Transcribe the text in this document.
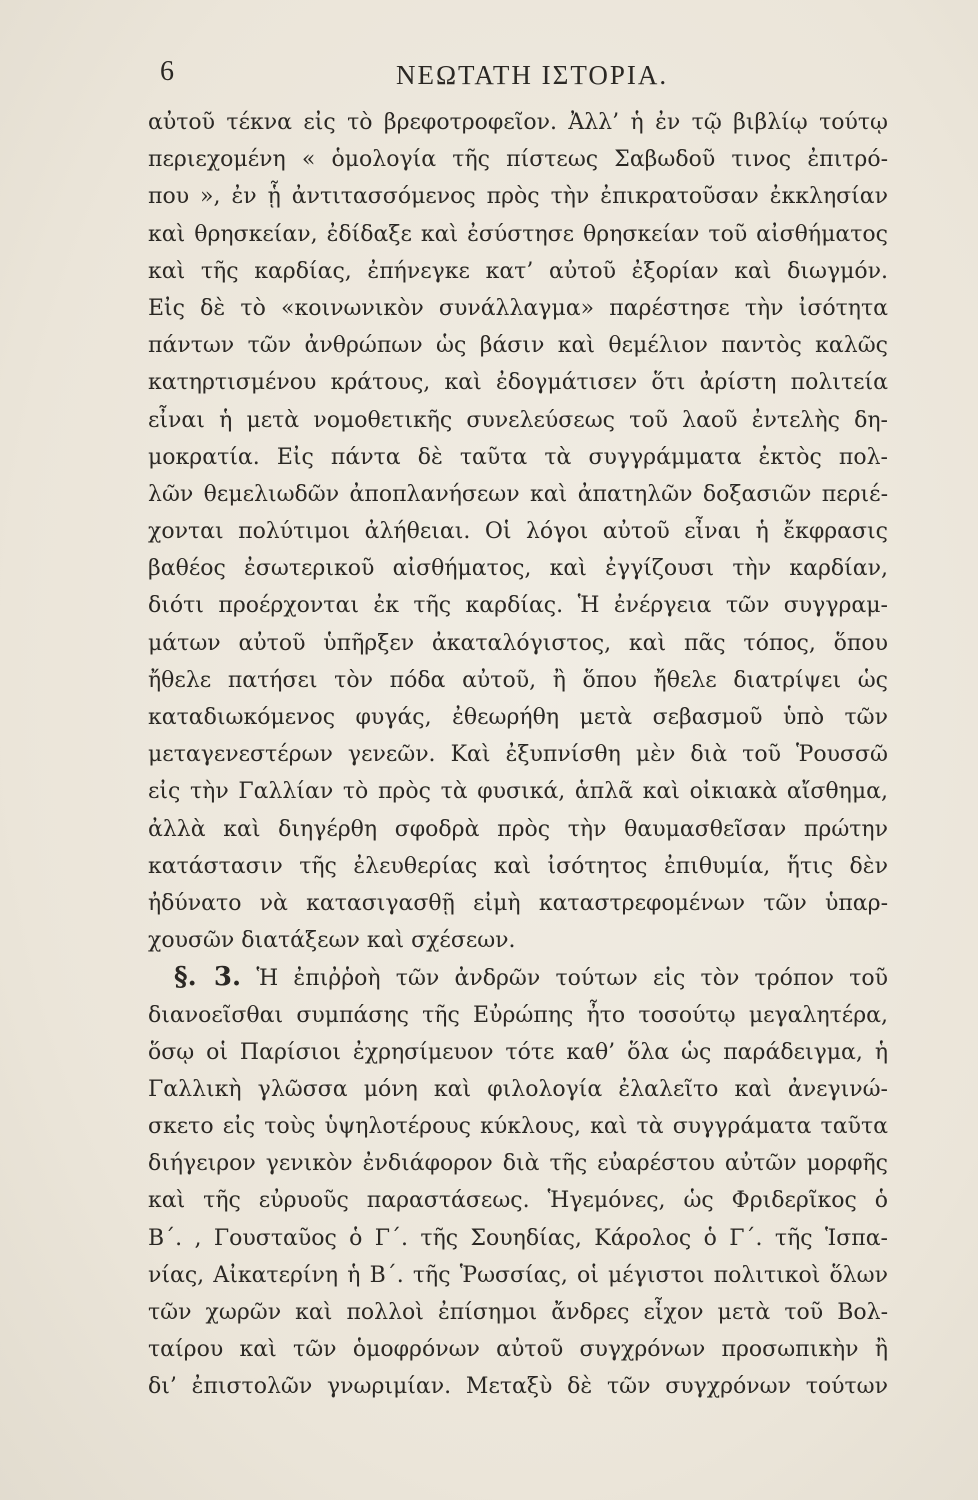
6	ΝΕΩΤΑΤΗ ΙΣΤΟΡΙΑ.
αὐτοῦ τέκνα εἰς τὸ βρεφοτροφεῖον. Ἀλλ’ ἡ ἐν τῷ βιβλίῳ τούτῳ
περιεχομένη « ὁμολογία τῆς πίστεως Σαβωδοῦ τινος ἐπιτρό-
που », ἐν ᾗ ἀντιτασσόμενος πρὸς τὴν ἐπικρατοῦσαν ἐκκλησίαν
καὶ θρησκείαν, ἐδίδαξε καὶ ἐσύστησε θρησκείαν τοῦ αἰσθήματος
καὶ τῆς καρδίας, ἐπήνεγκε κατ’ αὐτοῦ ἐξορίαν καὶ διωγμόν.
Εἰς δὲ τὸ «κοινωνικὸν συνάλλαγμα» παρέστησε τὴν ἰσότητα
πάντων τῶν ἀνθρώπων ὡς βάσιν καὶ θεμέλιον παντὸς καλῶς
κατηρτισμένου κράτους, καὶ ἐδογμάτισεν ὅτι ἀρίστη πολιτεία
εἶναι ἡ μετὰ νομοθετικῆς συνελεύσεως τοῦ λαοῦ ἐντελὴς δη-
μοκρατία. Εἰς πάντα δὲ ταῦτα τὰ συγγράμματα ἐκτὸς πολ-
λῶν θεμελιωδῶν ἀποπλανήσεων καὶ ἀπατηλῶν δοξασιῶν περιέ-
χονται πολύτιμοι ἀλήθειαι. Οἱ λόγοι αὐτοῦ εἶναι ἡ ἔκφρασις
βαθέος ἐσωτερικοῦ αἰσθήματος, καὶ ἐγγίζουσι τὴν καρδίαν,
διότι προέρχονται ἐκ τῆς καρδίας. Ἡ ἐνέργεια τῶν συγγραμ-
μάτων αὐτοῦ ὑπῆρξεν ἀκαταλόγιστος, καὶ πᾶς τόπος, ὅπου
ἤθελε πατήσει τὸν πόδα αὐτοῦ, ἢ ὅπου ἤθελε διατρίψει ὡς
καταδιωκόμενος φυγάς, ἐθεωρήθη μετὰ σεβασμοῦ ὑπὸ τῶν
μεταγενεστέρων γενεῶν. Καὶ ἐξυπνίσθη μὲν διὰ τοῦ Ῥουσσῶ
εἰς τὴν Γαλλίαν τὸ πρὸς τὰ φυσικά, ἁπλᾶ καὶ οἰκιακὰ αἴσθημα,
ἀλλὰ καὶ διηγέρθη σφοδρὰ πρὸς τὴν θαυμασθεῖσαν πρώτην
κατάστασιν τῆς ἐλευθερίας καὶ ἰσότητος ἐπιθυμία, ἥτις δὲν
ἠδύνατο νὰ κατασιγασθῇ εἰμὴ καταστρεφομένων τῶν ὑπαρ-
χουσῶν διατάξεων καὶ σχέσεων.
§. 3. Ἡ ἐπιῤῥοὴ τῶν ἀνδρῶν τούτων εἰς τὸν τρόπον τοῦ
διανοεῖσθαι συμπάσης τῆς Εὐρώπης ἦτο τοσούτῳ μεγαλητέρα,
ὅσῳ οἱ Παρίσιοι ἐχρησίμευον τότε καθ’ ὅλα ὡς παράδειγμα, ἡ
Γαλλικὴ γλῶσσα μόνη καὶ φιλολογία ἐλαλεῖτο καὶ ἀνεγινώ-
σκετο εἰς τοὺς ὑψηλοτέρους κύκλους, καὶ τὰ συγγράματα ταῦτα
διήγειρον γενικὸν ἐνδιάφορον διὰ τῆς εὐαρέστου αὐτῶν μορφῆς
καὶ τῆς εὐρυοῦς παραστάσεως. Ἡγεμόνες, ὡς Φριδερῖκος ὁ
Β΄. , Γουσταῦος ὁ Γ΄. τῆς Σουηδίας, Κάρολος ὁ Γ΄. τῆς Ἱσπα-
νίας, Αἰκατερίνη ἡ Β΄. τῆς Ῥωσσίας, οἱ μέγιστοι πολιτικοὶ ὅλων
τῶν χωρῶν καὶ πολλοὶ ἐπίσημοι ἄνδρες εἶχον μετὰ τοῦ Βολ-
ταίρου καὶ τῶν ὁμοφρόνων αὐτοῦ συγχρόνων προσωπικὴν ἢ
δι’ ἐπιστολῶν γνωριμίαν. Μεταξὺ δὲ τῶν συγχρόνων τούτων
